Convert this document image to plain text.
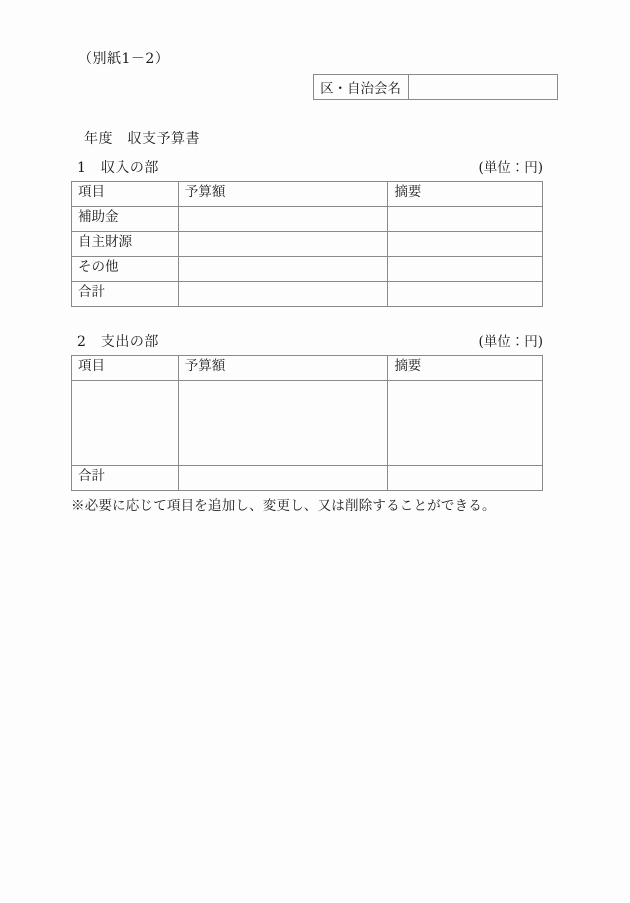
（別紙1－2）
区・自治会名
年度　収支予算書
1　収入の部	(単位：円)
項目	予算額	摘要
補助金		
自主財源		
その他		
合計		
2　支出の部	(単位：円)
項目	予算額	摘要

合計		
※必要に応じて項目を追加し、変更し、又は削除することができる。
